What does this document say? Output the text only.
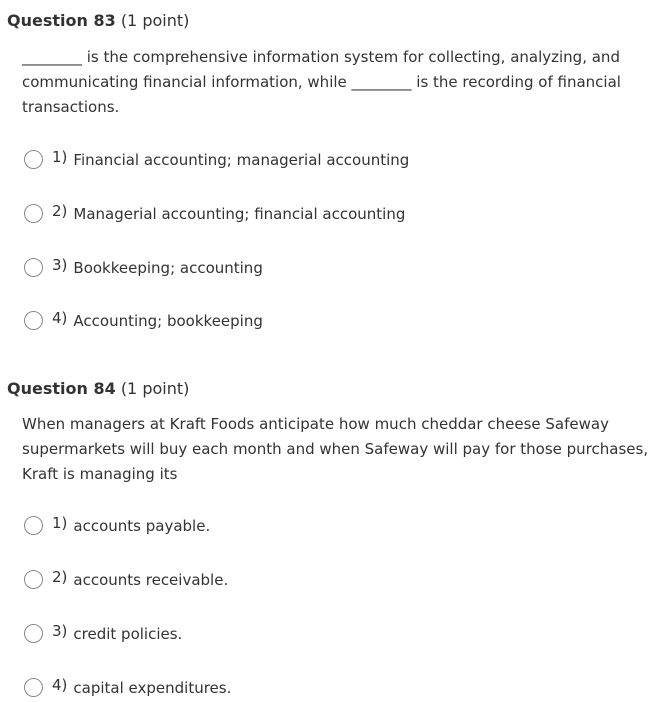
Question 83 (1 point)
________ is the comprehensive information system for collecting, analyzing, and communicating financial information, while ________ is the recording of financial transactions.
1) Financial accounting; managerial accounting
2) Managerial accounting; financial accounting
3) Bookkeeping; accounting
4) Accounting; bookkeeping
Question 84 (1 point)
When managers at Kraft Foods anticipate how much cheddar cheese Safeway supermarkets will buy each month and when Safeway will pay for those purchases, Kraft is managing its
1) accounts payable.
2) accounts receivable.
3) credit policies.
4) capital expenditures.
